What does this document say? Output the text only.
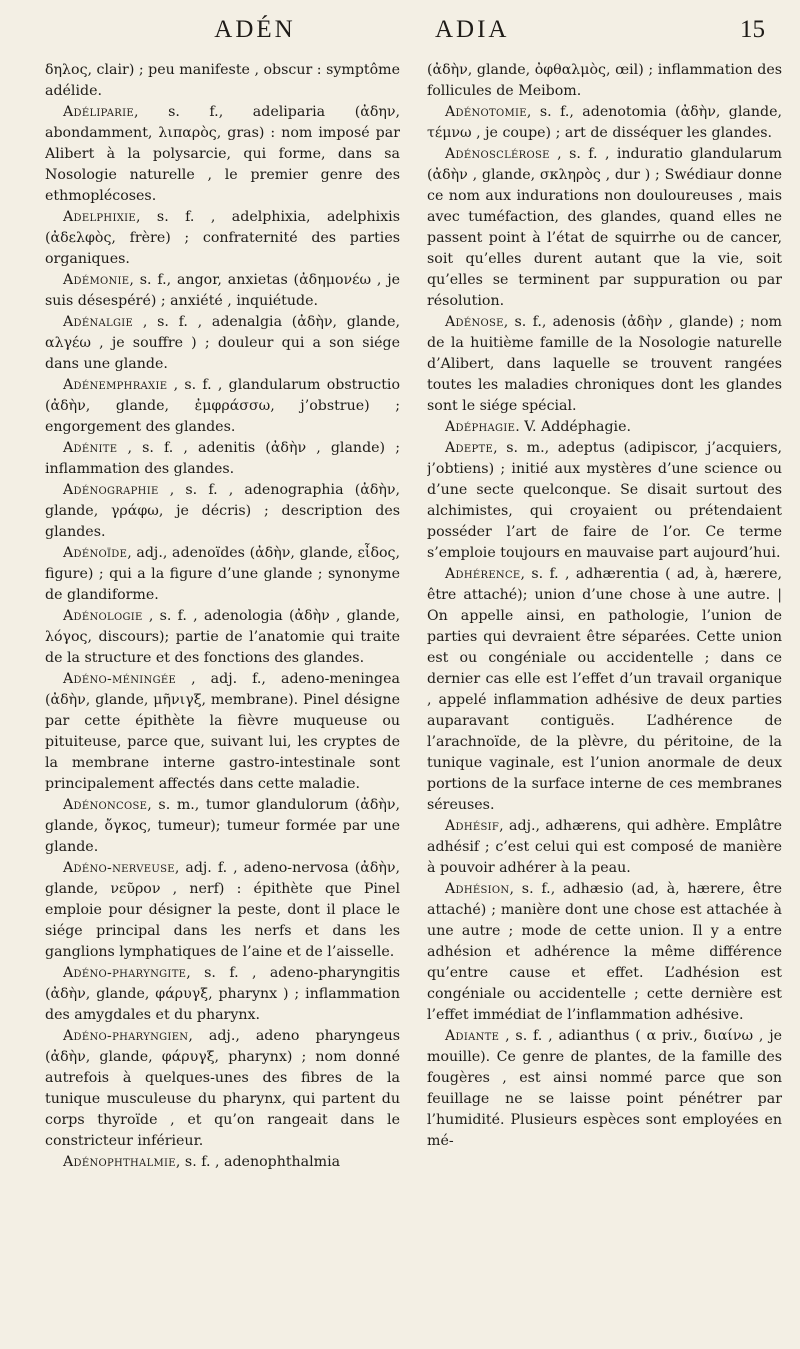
ADÉN	ADIA	15

δηλος, clair) ; peu manifeste , obscur : symptôme adélide.

Adéliparie, s. f., adeliparia (ἀδην, abondamment, λιπαρὸς, gras) : nom imposé par Alibert à la polysarcie, qui forme, dans sa Nosologie naturelle , le premier genre des ethmoplécoses.

Adelphixie, s. f. , adelphixia, adelphixis (ἀδελφὸς, frère) ; confraternité des parties organiques.

Adémonie, s. f., angor, anxietas (ἀδημονέω , je suis désespéré) ; anxiété , inquiétude.

Adénalgie , s. f. , adenalgia (ἀδὴν, glande, αλγέω , je souffre ) ; douleur qui a son siége dans une glande.

Adénemphraxie , s. f. , glandularum obstructio (ἀδὴν, glande, ἐμφράσσω, j’obstrue) ; engorgement des glandes.

Adénite , s. f. , adenitis (ἀδὴν , glande) ; inflammation des glandes.

Adénographie , s. f. , adenographia (ἀδὴν, glande, γράφω, je décris) ; description des glandes.

Adénoïde, adj., adenoïdes (ἀδὴν, glande, εἶδος, figure) ; qui a la figure d’une glande ; synonyme de glandiforme.

Adénologie , s. f. , adenologia (ἀδὴν , glande, λόγος, discours); partie de l’anatomie qui traite de la structure et des fonctions des glandes.

Adéno-méningée , adj. f., adeno-meningea (ἀδὴν, glande, μῆνιγξ, membrane). Pinel désigne par cette épithète la fièvre muqueuse ou pituiteuse, parce que, suivant lui, les cryptes de la membrane interne gastro-intestinale sont principalement affectés dans cette maladie.

Adénoncose, s. m., tumor glandulorum (ἀδὴν, glande, ὄγκος, tumeur); tumeur formée par une glande.

Adéno-nerveuse, adj. f. , adeno-nervosa (ἀδὴν, glande, νεῦρον , nerf) : épithète que Pinel emploie pour désigner la peste, dont il place le siége principal dans les nerfs et dans les ganglions lymphatiques de l’aine et de l’aisselle.

Adéno-pharyngite, s. f. , adeno-pharyngitis (ἀδὴν, glande, φάρυγξ, pharynx ) ; inflammation des amygdales et du pharynx.

Adéno-pharyngien, adj., adeno pharyngeus (ἀδὴν, glande, φάρυγξ, pharynx) ; nom donné autrefois à quelques-unes des fibres de la tunique musculeuse du pharynx, qui partent du corps thyroïde , et qu’on rangeait dans le constricteur inférieur.

Adénophthalmie, s. f. , adenophthalmia

(ἀδὴν, glande, ὀφθαλμὸς, œil) ; inflammation des follicules de Meibom.

Adénotomie, s. f., adenotomia (ἀδὴν, glande, τέμνω , je coupe) ; art de disséquer les glandes.

Adénosclérose , s. f. , induratio glandularum (ἀδὴν , glande, σκληρὸς , dur ) ; Swédiaur donne ce nom aux indurations non douloureuses , mais avec tuméfaction, des glandes, quand elles ne passent point à l’état de squirrhe ou de cancer, soit qu’elles durent autant que la vie, soit qu’elles se terminent par suppuration ou par résolution.

Adénose, s. f., adenosis (ἀδὴν , glande) ; nom de la huitième famille de la Nosologie naturelle d’Alibert, dans laquelle se trouvent rangées toutes les maladies chroniques dont les glandes sont le siége spécial.

Adéphagie. V. Addéphagie.

Adepte, s. m., adeptus (adipiscor, j’acquiers, j’obtiens) ; initié aux mystères d’une science ou d’une secte quelconque. Se disait surtout des alchimistes, qui croyaient ou prétendaient posséder l’art de faire de l’or. Ce terme s’emploie toujours en mauvaise part aujourd’hui.

Adhérence, s. f. , adhærentia ( ad, à, hærere, être attaché); union d’une chose à une autre. | On appelle ainsi, en pathologie, l’union de parties qui devraient être séparées. Cette union est ou congéniale ou accidentelle ; dans ce dernier cas elle est l’effet d’un travail organique , appelé inflammation adhésive de deux parties auparavant contiguës. L’adhérence de l’arachnoïde, de la plèvre, du péritoine, de la tunique vaginale, est l’union anormale de deux portions de la surface interne de ces membranes séreuses.

Adhésif, adj., adhærens, qui adhère. Emplâtre adhésif ; c’est celui qui est composé de manière à pouvoir adhérer à la peau.

Adhésion, s. f., adhæsio (ad, à, hærere, être attaché) ; manière dont une chose est attachée à une autre ; mode de cette union. Il y a entre adhésion et adhérence la même différence qu’entre cause et effet. L’adhésion est congéniale ou accidentelle ; cette dernière est l’effet immédiat de l’inflammation adhésive.

Adiante , s. f. , adianthus ( α priv., διαίνω , je mouille). Ce genre de plantes, de la famille des fougères , est ainsi nommé parce que son feuillage ne se laisse point pénétrer par l’humidité. Plusieurs espèces sont employées en mé-
